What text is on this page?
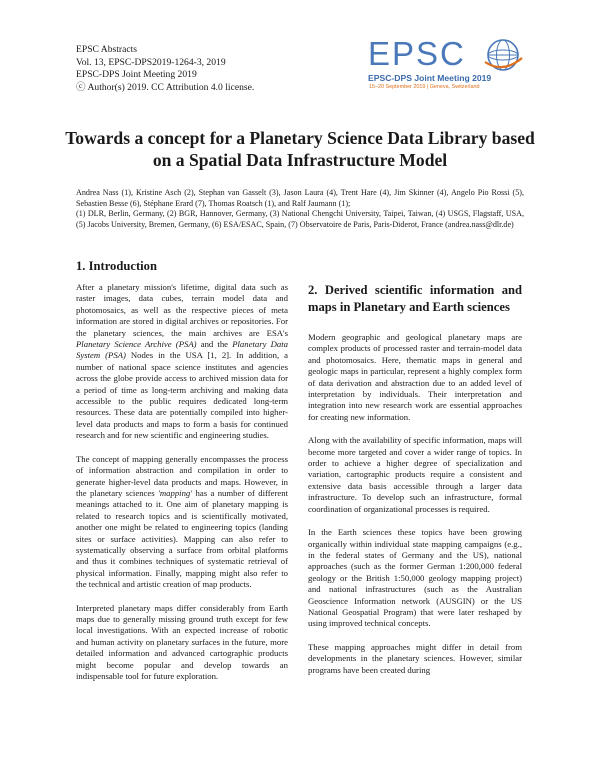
EPSC Abstracts
Vol. 13, EPSC-DPS2019-1264-3, 2019
EPSC-DPS Joint Meeting 2019
ⓒ Author(s) 2019. CC Attribution 4.0 license.
EPSC
EPSC-DPS Joint Meeting 2019
15–20 September 2019 | Geneva, Switzerland
Towards a concept for a Planetary Science Data Library based on a Spatial Data Infrastructure Model
Andrea Nass (1), Kristine Asch (2), Stephan van Gasselt (3), Jason Laura (4), Trent Hare (4), Jim Skinner (4), Angelo Pio Rossi (5), Sebastien Besse (6), Stéphane Erard (7), Thomas Roatsch (1), and Ralf Jaumann (1);
(1) DLR, Berlin, Germany, (2) BGR, Hannover, Germany, (3) National Chengchi University, Taipei, Taiwan, (4) USGS, Flagstaff, USA, (5) Jacobs University, Bremen, Germany, (6) ESA/ESAC, Spain, (7) Observatoire de Paris, Paris-Diderot, France (andrea.nass@dlr.de)
1. Introduction

After a planetary mission's lifetime, digital data such as raster images, data cubes, terrain model data and photomosaics, as well as the respective pieces of meta information are stored in digital archives or repositories. For the planetary sciences, the main archives are ESA's Planetary Science Archive (PSA) and the Planetary Data System (PSA) Nodes in the USA [1, 2]. In addition, a number of national space science institutes and agencies across the globe provide access to archived mission data for a period of time as long-term archiving and making data accessible to the public requires dedicated long-term resources. These data are potentially compiled into higher-level data products and maps to form a basis for continued research and for new scientific and engineering studies.

The concept of mapping generally encompasses the process of information abstraction and compilation in order to generate higher-level data products and maps. However, in the planetary sciences 'mapping' has a number of different meanings attached to it. One aim of planetary mapping is related to research topics and is scientifically motivated, another one might be related to engineering topics (landing sites or surface activities). Mapping can also refer to systematically observing a surface from orbital platforms and thus it combines techniques of systematic retrieval of physical information. Finally, mapping might also refer to the technical and artistic creation of map products.

Interpreted planetary maps differ considerably from Earth maps due to generally missing ground truth except for few local investigations. With an expected increase of robotic and human activity on planetary surfaces in the future, more detailed information and advanced cartographic products might become popular and develop towards an indispensable tool for future exploration.

2. Derived scientific information and maps in Planetary and Earth sciences

Modern geographic and geological planetary maps are complex products of processed raster and terrain-model data and photomosaics. Here, thematic maps in general and geologic maps in particular, represent a highly complex form of data derivation and abstraction due to an added level of interpretation by individuals. Their interpretation and integration into new research work are essential approaches for creating new information.

Along with the availability of specific information, maps will become more targeted and cover a wider range of topics. In order to achieve a higher degree of specialization and variation, cartographic products require a consistent and extensive data basis accessible through a larger data infrastructure. To develop such an infrastructure, formal coordination of organizational processes is required.

In the Earth sciences these topics have been growing organically within individual state mapping campaigns (e.g., in the federal states of Germany and the US), national approaches (such as the former German 1:200,000 federal geology or the British 1:50,000 geology mapping project) and national infrastructures (such as the Australian Geoscience Information network (AUSGIN) or the US National Geospatial Program) that were later reshaped by using improved technical concepts.

These mapping approaches might differ in detail from developments in the planetary sciences. However, similar programs have been created during
